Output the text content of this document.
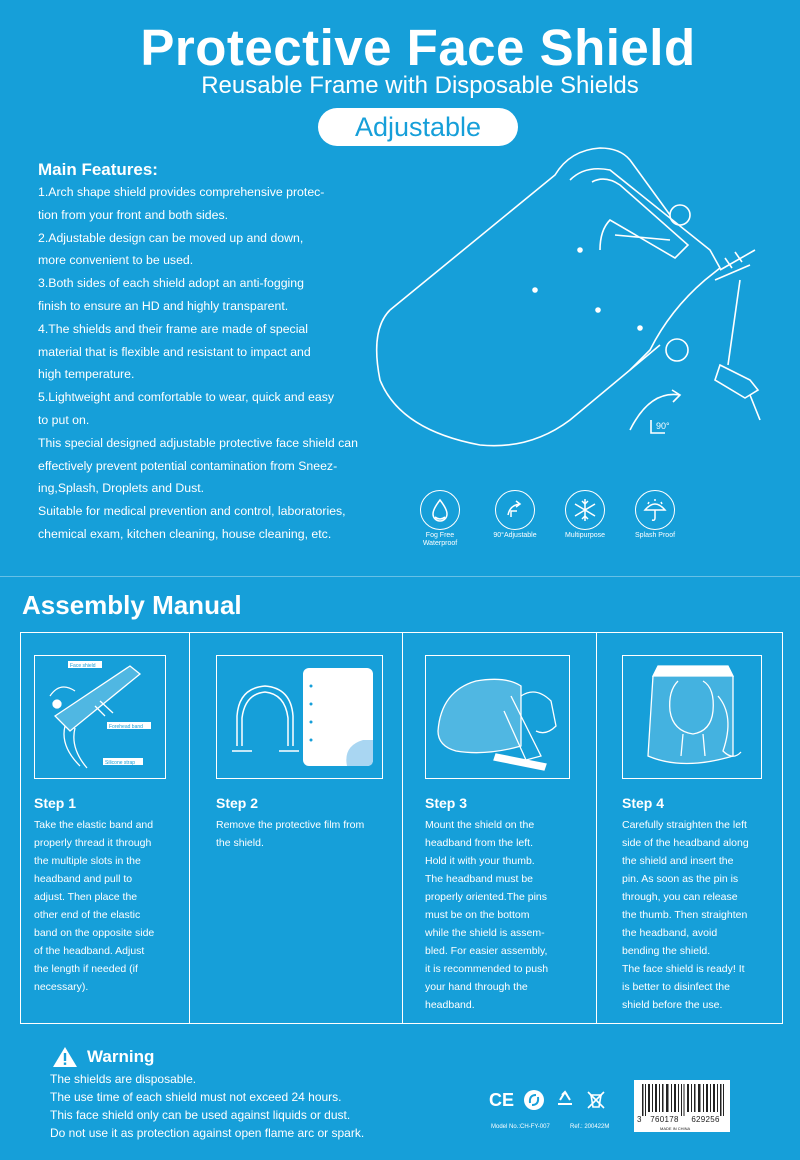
Protective Face Shield
Reusable Frame with Disposable Shields
Adjustable
Main Features:
1.Arch shape shield provides comprehensive protec-
tion from your front and both sides.
2.Adjustable design can be moved up and down,
more convenient to be used.
3.Both sides of each shield adopt an anti-fogging
finish to ensure an HD and highly transparent.
4.The shields and their frame are made of special
material that is flexible and resistant to impact and
high temperature.
5.Lightweight and comfortable to wear, quick and easy
to put on.
This special designed adjustable protective face shield can
effectively prevent potential contamination from Sneez-
ing,Splash, Droplets and Dust.
Suitable for medical prevention and control, laboratories,
chemical exam, kitchen cleaning, house cleaning, etc.
90°
Fog Free
Waterproof
90°Adjustable	Multipurpose	Splash Proof
Assembly Manual
Face shield
Forehead band
Silicone strap
Step 1
Take the elastic band and
properly thread it through
the multiple slots in the
headband and pull to
adjust. Then place the
other end of the elastic
band on the opposite side
of the headband. Adjust
the length if needed (if
necessary).
Step 2
Remove the protective film from
the shield.
Step 3
Mount the shield on the
headband from the left.
Hold it with your thumb.
The headband must be
properly oriented.The pins
must be on the bottom
while the shield is assem-
bled. For easier assembly,
it is recommended to push
your hand through the
headband.
Step 4
Carefully straighten the left
side of the headband along
the shield and insert the
pin. As soon as the pin is
through, you can release
the thumb. Then straighten
the headband, avoid
bending the shield.
The face shield is ready! It
is better to disinfect the
shield before the use.
Warning
The shields are disposable.
The use time of each shield must not exceed 24 hours.
This face shield only can be used against liquids or dust.
Do not use it as protection against open flame arc or spark.
CE
Model No.:CH-FY-007	Ref.: 200422M
3 760178 629256
MADE IN CHINA
